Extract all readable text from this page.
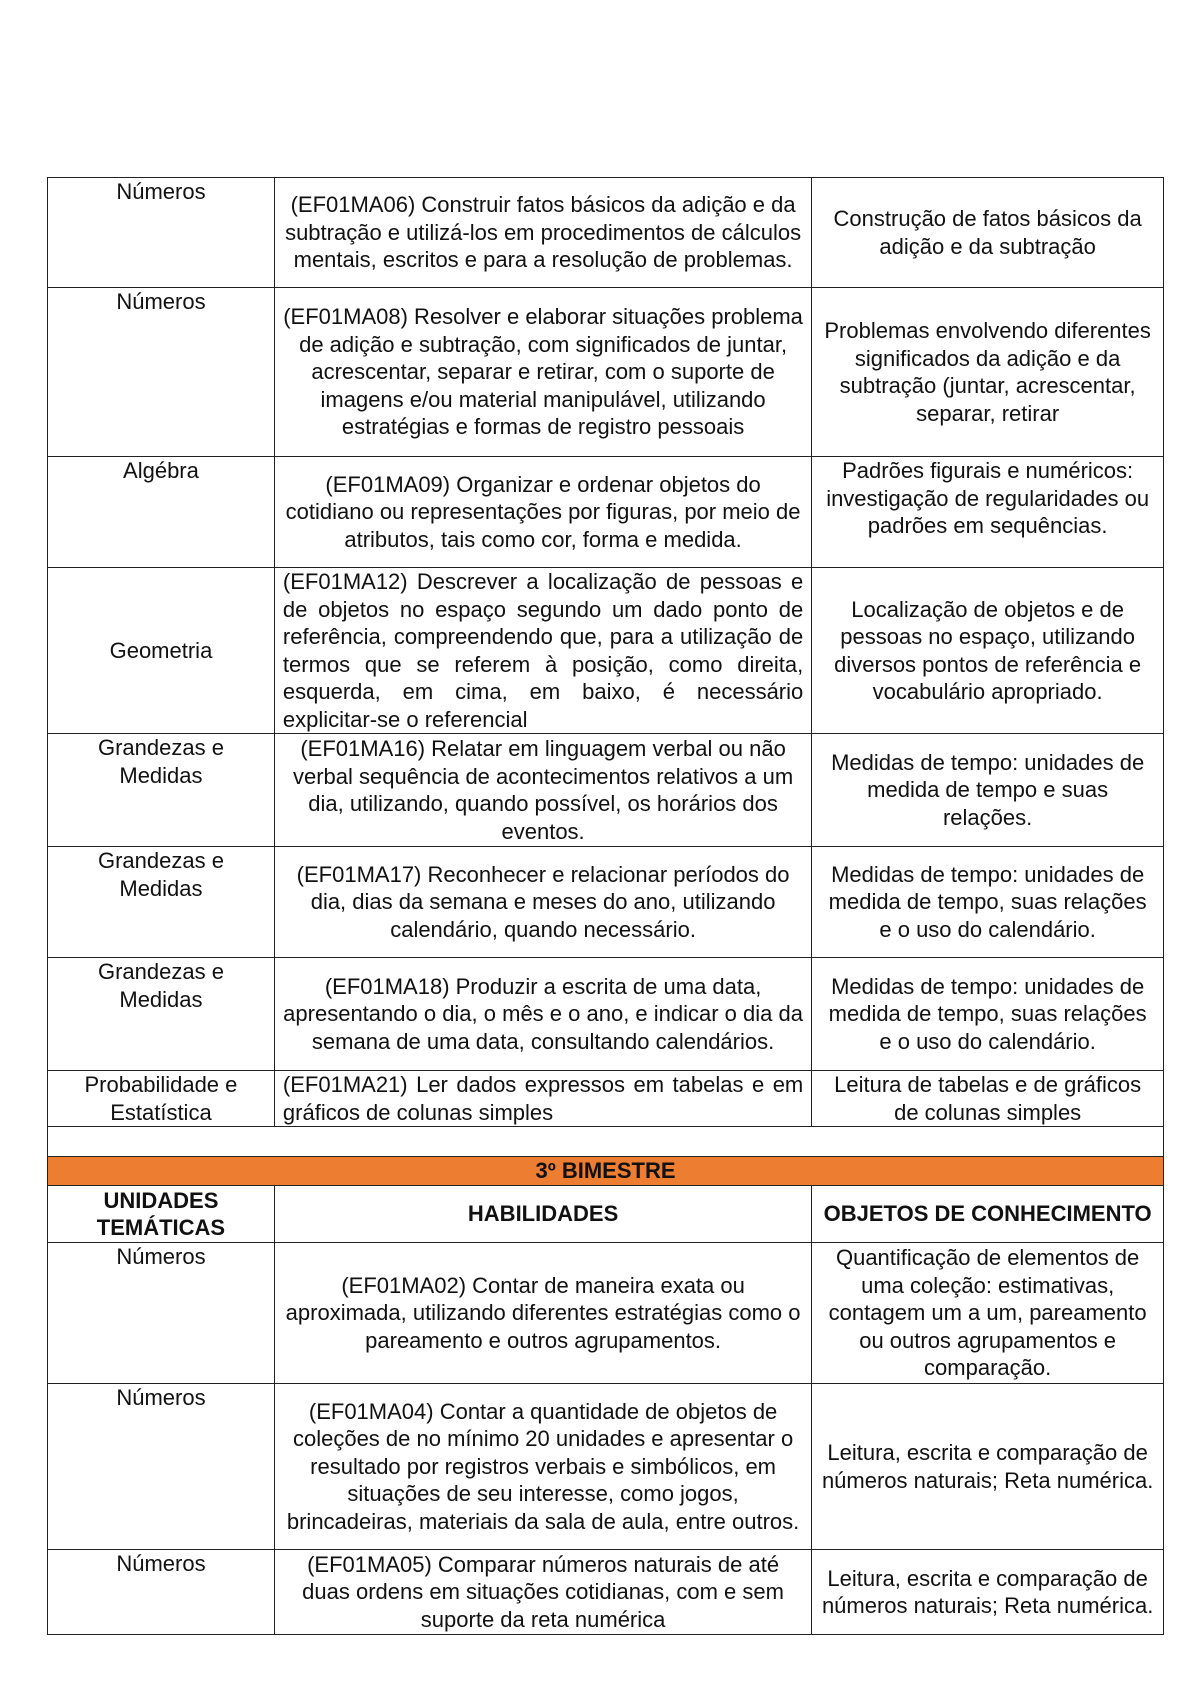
Números	(EF01MA06) Construir fatos básicos da adição e da subtração e utilizá-los em procedimentos de cálculos mentais, escritos e para a resolução de problemas.	Construção de fatos básicos da adição e da subtração
Números	(EF01MA08) Resolver e elaborar situações problema de adição e subtração, com significados de juntar, acrescentar, separar e retirar, com o suporte de imagens e/ou material manipulável, utilizando estratégias e formas de registro pessoais	Problemas envolvendo diferentes significados da adição e da subtração (juntar, acrescentar, separar, retirar
Algébra	(EF01MA09) Organizar e ordenar objetos do cotidiano ou representações por figuras, por meio de atributos, tais como cor, forma e medida.	Padrões figurais e numéricos: investigação de regularidades ou padrões em sequências.
Geometria	(EF01MA12) Descrever a localização de pessoas e de objetos no espaço segundo um dado ponto de referência, compreendendo que, para a utilização de termos que se referem à posição, como direita, esquerda, em cima, em baixo, é necessário explicitar-se o referencial	Localização de objetos e de pessoas no espaço, utilizando diversos pontos de referência e vocabulário apropriado.
Grandezas e Medidas	(EF01MA16) Relatar em linguagem verbal ou não verbal sequência de acontecimentos relativos a um dia, utilizando, quando possível, os horários dos eventos.	Medidas de tempo: unidades de medida de tempo e suas relações.
Grandezas e Medidas	(EF01MA17) Reconhecer e relacionar períodos do dia, dias da semana e meses do ano, utilizando calendário, quando necessário.	Medidas de tempo: unidades de medida de tempo, suas relações e o uso do calendário.
Grandezas e Medidas	(EF01MA18) Produzir a escrita de uma data, apresentando o dia, o mês e o ano, e indicar o dia da semana de uma data, consultando calendários.	Medidas de tempo: unidades de medida de tempo, suas relações e o uso do calendário.
Probabilidade e Estatística	(EF01MA21) Ler dados expressos em tabelas e em gráficos de colunas simples	Leitura de tabelas e de gráficos de colunas simples

3º BIMESTRE		
UNIDADES TEMÁTICAS	HABILIDADES	OBJETOS DE CONHECIMENTO
Números	(EF01MA02) Contar de maneira exata ou aproximada, utilizando diferentes estratégias como o pareamento e outros agrupamentos.	Quantificação de elementos de uma coleção: estimativas, contagem um a um, pareamento ou outros agrupamentos e comparação.
Números	(EF01MA04) Contar a quantidade de objetos de coleções de no mínimo 20 unidades e apresentar o resultado por registros verbais e simbólicos, em situações de seu interesse, como jogos, brincadeiras, materiais da sala de aula, entre outros.	Leitura, escrita e comparação de números naturais; Reta numérica.
Números	(EF01MA05) Comparar números naturais de até duas ordens em situações cotidianas, com e sem suporte da reta numérica	Leitura, escrita e comparação de números naturais; Reta numérica.
